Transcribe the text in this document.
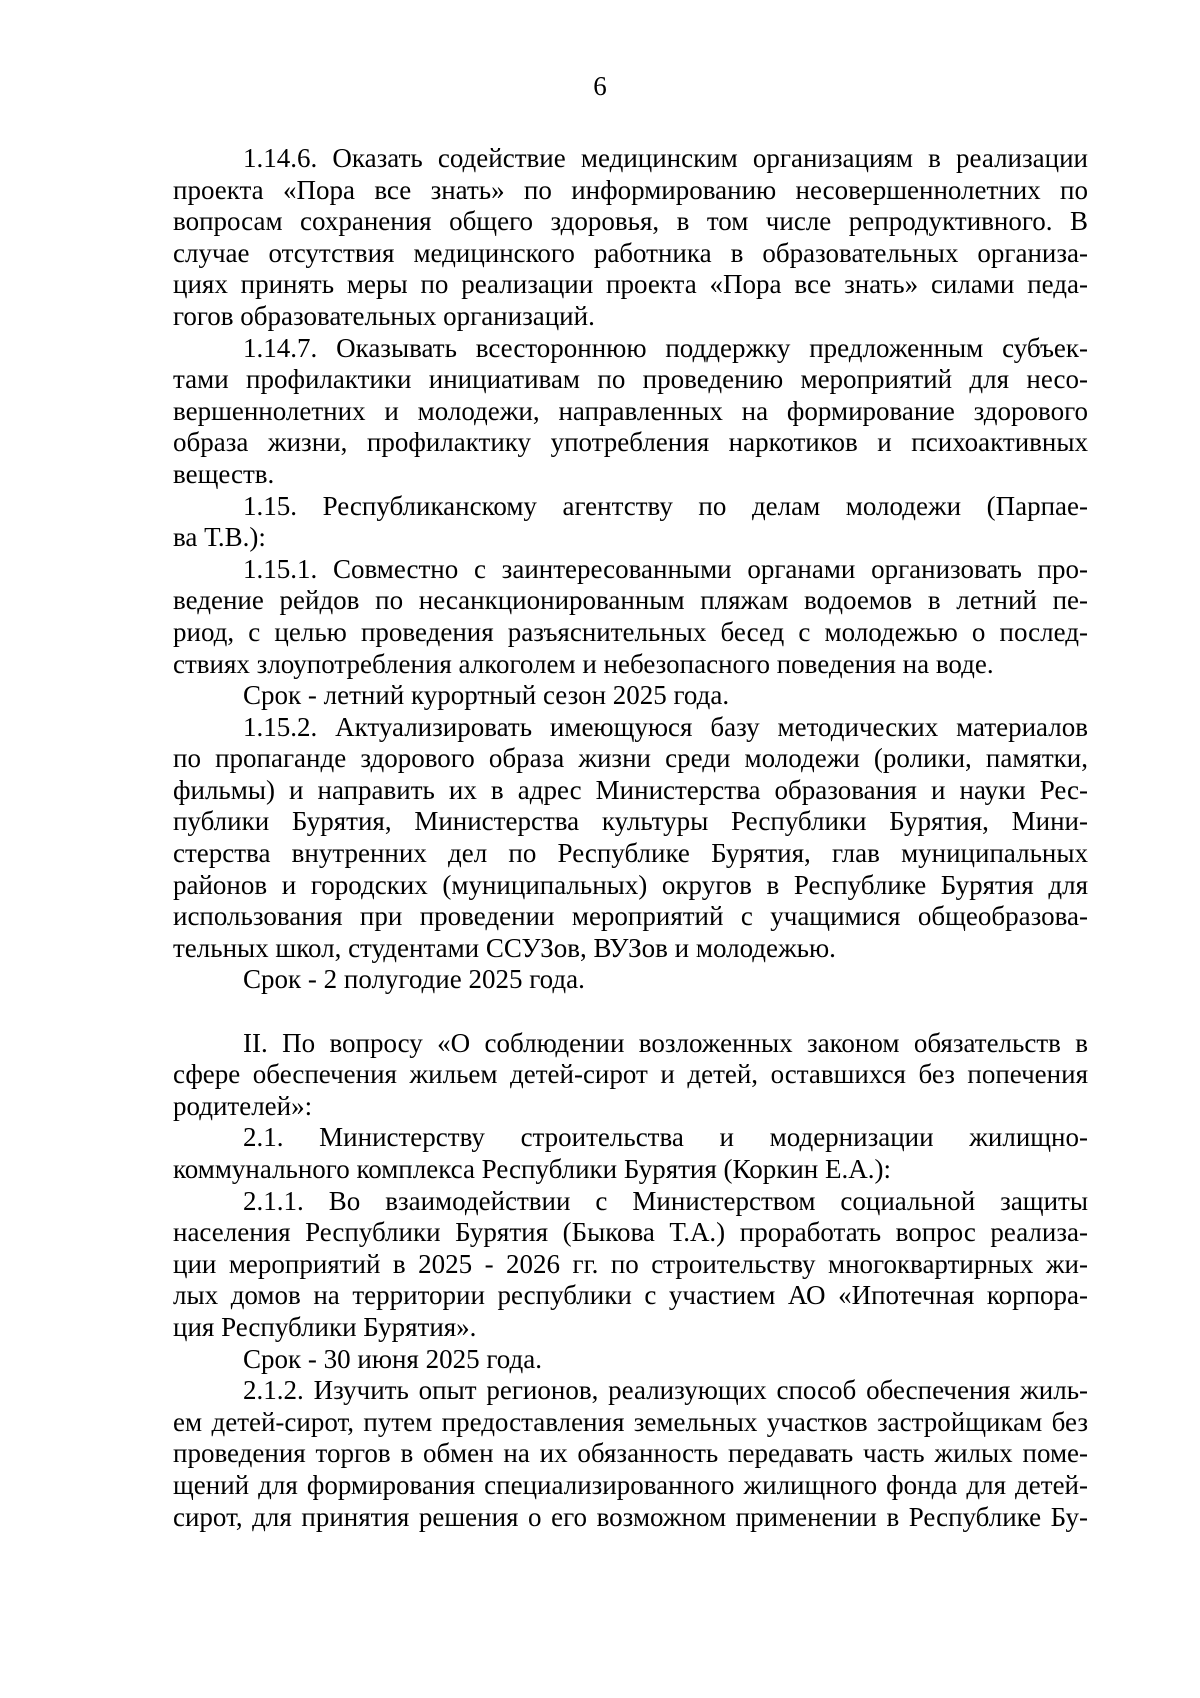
6
1.14.6. Оказать содействие медицинским организациям в реализации
проекта «Пора все знать» по информированию несовершеннолетних по
вопросам сохранения общего здоровья, в том числе репродуктивного. В
случае отсутствия медицинского работника в образовательных организа-
циях принять меры по реализации проекта «Пора все знать» силами педа-
гогов образовательных организаций.
1.14.7. Оказывать всестороннюю поддержку предложенным субъек-
тами профилактики инициативам по проведению мероприятий для несо-
вершеннолетних и молодежи, направленных на формирование здорового
образа жизни, профилактику употребления наркотиков и психоактивных
веществ.
1.15. Республиканскому агентству по делам молодежи (Парпае-
ва Т.В.):
1.15.1. Совместно с заинтересованными органами организовать про-
ведение рейдов по несанкционированным пляжам водоемов в летний пе-
риод, с целью проведения разъяснительных бесед с молодежью о послед-
ствиях злоупотребления алкоголем и небезопасного поведения на воде.
Срок - летний курортный сезон 2025 года.
1.15.2. Актуализировать имеющуюся базу методических материалов
по пропаганде здорового образа жизни среди молодежи (ролики, памятки,
фильмы) и направить их в адрес Министерства образования и науки Рес-
публики Бурятия, Министерства культуры Республики Бурятия, Мини-
стерства внутренних дел по Республике Бурятия, глав муниципальных
районов и городских (муниципальных) округов в Республике Бурятия для
использования при проведении мероприятий с учащимися общеобразова-
тельных школ, студентами ССУЗов, ВУЗов и молодежью.
Срок - 2 полугодие 2025 года.
II. По вопросу «О соблюдении возложенных законом обязательств в
сфере обеспечения жильем детей-сирот и детей, оставшихся без попечения
родителей»:
2.1. Министерству строительства и модернизации жилищно-
коммунального комплекса Республики Бурятия (Коркин Е.А.):
2.1.1. Во взаимодействии с Министерством социальной защиты
населения Республики Бурятия (Быкова Т.А.) проработать вопрос реализа-
ции мероприятий в 2025 - 2026 гг. по строительству многоквартирных жи-
лых домов на территории республики с участием АО «Ипотечная корпора-
ция Республики Бурятия».
Срок - 30 июня 2025 года.
2.1.2. Изучить опыт регионов, реализующих способ обеспечения жиль-
ем детей-сирот, путем предоставления земельных участков застройщикам без
проведения торгов в обмен на их обязанность передавать часть жилых поме-
щений для формирования специализированного жилищного фонда для детей-
сирот, для принятия решения о его возможном применении в Республике Бу-
